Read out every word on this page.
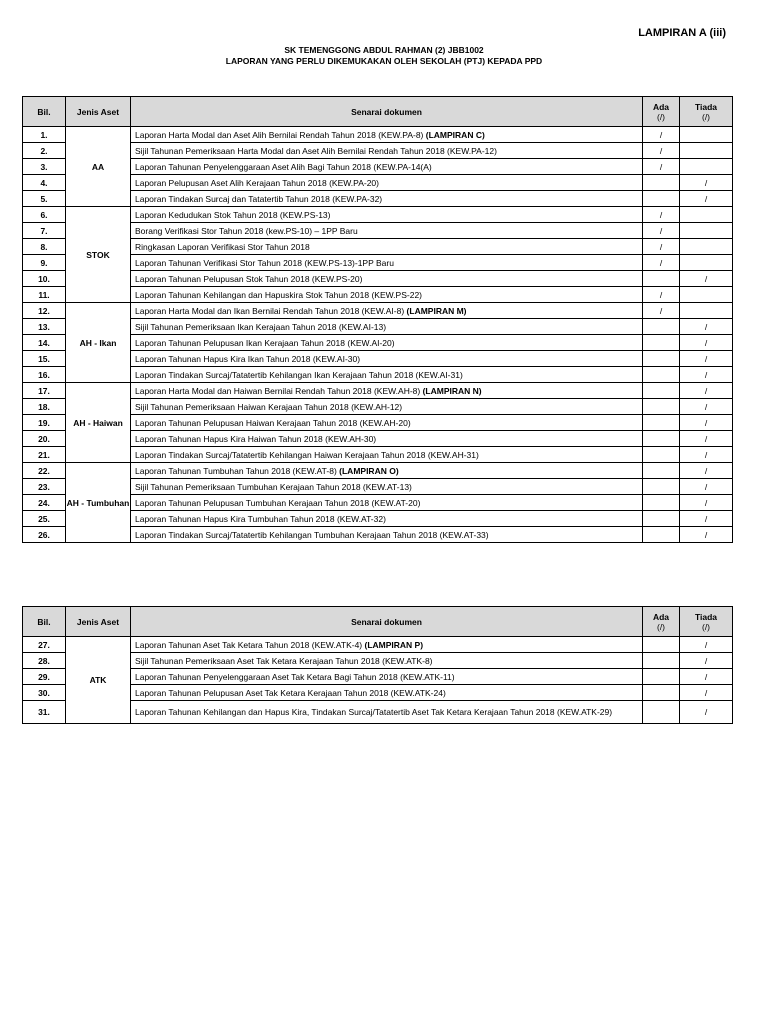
LAMPIRAN A (iii)
SK TEMENGGONG ABDUL RAHMAN (2) JBB1002
LAPORAN YANG PERLU DIKEMUKAKAN OLEH SEKOLAH (PTJ) KEPADA PPD
Bil.	Jenis Aset	Senarai dokumen	Ada
(/)	Tiada
(/)

1.	AA	Laporan Harta Modal dan Aset Alih Bernilai Rendah Tahun 2018 (KEW.PA-8) (LAMPIRAN C)	/	
2.		Sijil Tahunan Pemeriksaan Harta Modal dan Aset Alih Bernilai Rendah Tahun 2018 (KEW.PA-12)	/	
3.		Laporan Tahunan Penyelenggaraan Aset Alih Bagi Tahun 2018 (KEW.PA-14(A)	/	
4.		Laporan Pelupusan Aset Alih Kerajaan Tahun 2018 (KEW.PA-20)		/
5.		Laporan Tindakan Surcaj dan Tatatertib Tahun 2018 (KEW.PA-32)		/
6.	STOK	Laporan Kedudukan Stok Tahun 2018 (KEW.PS-13)	/	
7.		Borang Verifikasi Stor Tahun 2018 (kew.PS-10) – 1PP Baru	/	
8.		Ringkasan Laporan Verifikasi Stor Tahun 2018	/	
9.		Laporan Tahunan Verifikasi Stor Tahun 2018 (KEW.PS-13)-1PP Baru	/	
10.		Laporan Tahunan Pelupusan Stok Tahun 2018 (KEW.PS-20)		/
11.		Laporan Tahunan Kehilangan dan Hapuskira Stok Tahun 2018 (KEW.PS-22)	/	
12.	AH - Ikan	Laporan Harta Modal dan Ikan Bernilai Rendah Tahun 2018 (KEW.AI-8) (LAMPIRAN M)	/	
13.		Sijil Tahunan Pemeriksaan Ikan Kerajaan Tahun 2018 (KEW.AI-13)		/
14.		Laporan Tahunan Pelupusan Ikan Kerajaan Tahun 2018 (KEW.AI-20)		/
15.		Laporan Tahunan Hapus Kira Ikan Tahun 2018 (KEW.AI-30)		/
16.		Laporan Tindakan Surcaj/Tatatertib Kehilangan Ikan Kerajaan Tahun 2018 (KEW.AI-31)		/
17.	AH - Haiwan	Laporan Harta Modal dan Haiwan Bernilai Rendah Tahun 2018 (KEW.AH-8) (LAMPIRAN N)		/
18.		Sijil Tahunan Pemeriksaan Haiwan Kerajaan Tahun 2018 (KEW.AH-12)		/
19.		Laporan Tahunan Pelupusan Haiwan Kerajaan Tahun 2018 (KEW.AH-20)		/
20.		Laporan Tahunan Hapus Kira Haiwan Tahun 2018 (KEW.AH-30)		/
21.		Laporan Tindakan Surcaj/Tatatertib Kehilangan Haiwan Kerajaan Tahun 2018 (KEW.AH-31)		/
22.	AH - Tumbuhan	Laporan Tahunan Tumbuhan Tahun 2018 (KEW.AT-8) (LAMPIRAN O)		/
23.		Sijil Tahunan Pemeriksaan Tumbuhan Kerajaan Tahun 2018 (KEW.AT-13)		/
24.		Laporan Tahunan Pelupusan Tumbuhan Kerajaan Tahun 2018 (KEW.AT-20)		/
25.		Laporan Tahunan Hapus Kira Tumbuhan Tahun 2018 (KEW.AT-32)		/
26.		Laporan Tindakan Surcaj/Tatatertib Kehilangan Tumbuhan Kerajaan Tahun 2018 (KEW.AT-33)		/
Bil.	Jenis Aset	Senarai dokumen	Ada
(/)	Tiada
(/)

27.	ATK	Laporan Tahunan Aset Tak Ketara Tahun 2018 (KEW.ATK-4) (LAMPIRAN P)		/
28.		Sijil Tahunan Pemeriksaan Aset Tak Ketara Kerajaan Tahun 2018 (KEW.ATK-8)		/
29.		Laporan Tahunan Penyelenggaraan Aset Tak Ketara Bagi Tahun 2018 (KEW.ATK-11)		/
30.		Laporan Tahunan Pelupusan Aset Tak Ketara Kerajaan Tahun 2018 (KEW.ATK-24)		/
31.		Laporan Tahunan Kehilangan dan Hapus Kira, Tindakan Surcaj/Tatatertib Aset Tak Ketara Kerajaan Tahun 2018 (KEW.ATK-29)		/
